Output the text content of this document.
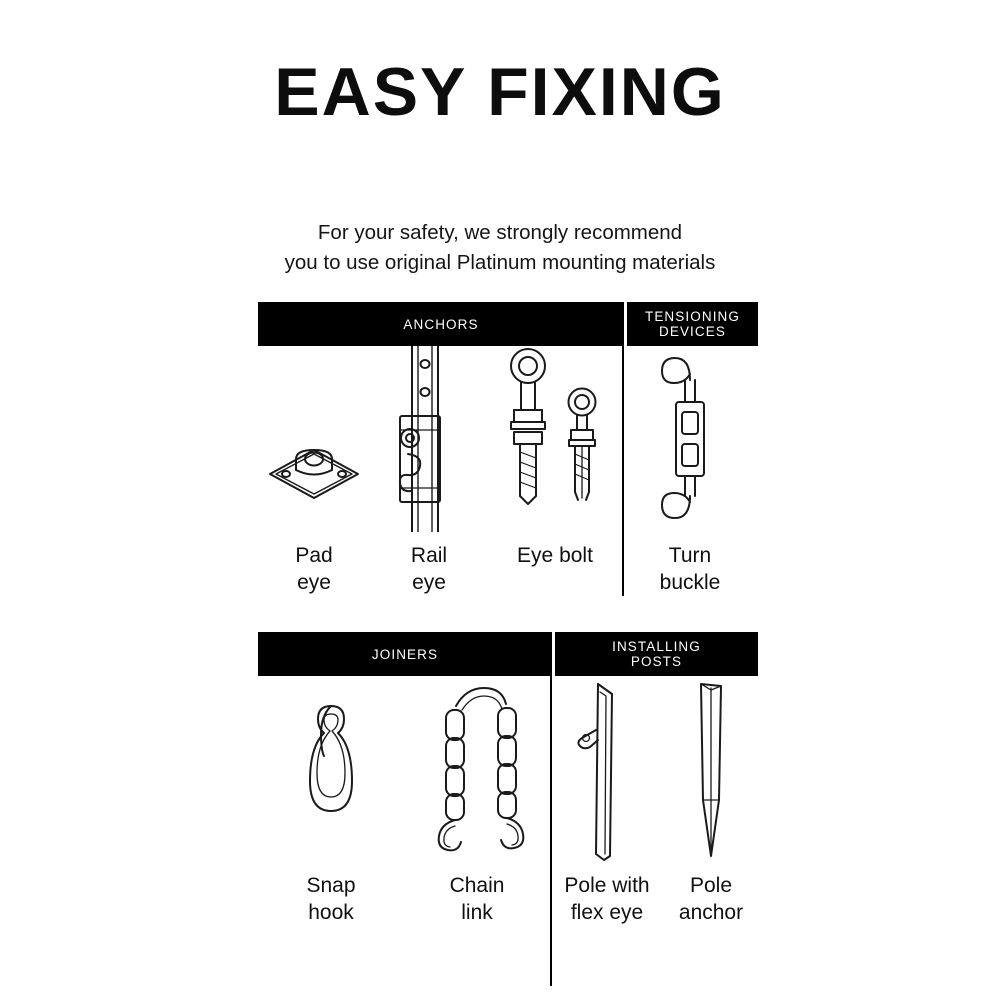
EASY FIXING
For your safety, we strongly recommend
you to use original Platinum mounting materials
ANCHORS	TENSIONING
DEVICES
Pad
eye
Rail
eye
Eye bolt	Turn
buckle
JOINERS	INSTALLING
POSTS
Snap
hook
Chain
link
Pole with
flex eye
Pole
anchor
